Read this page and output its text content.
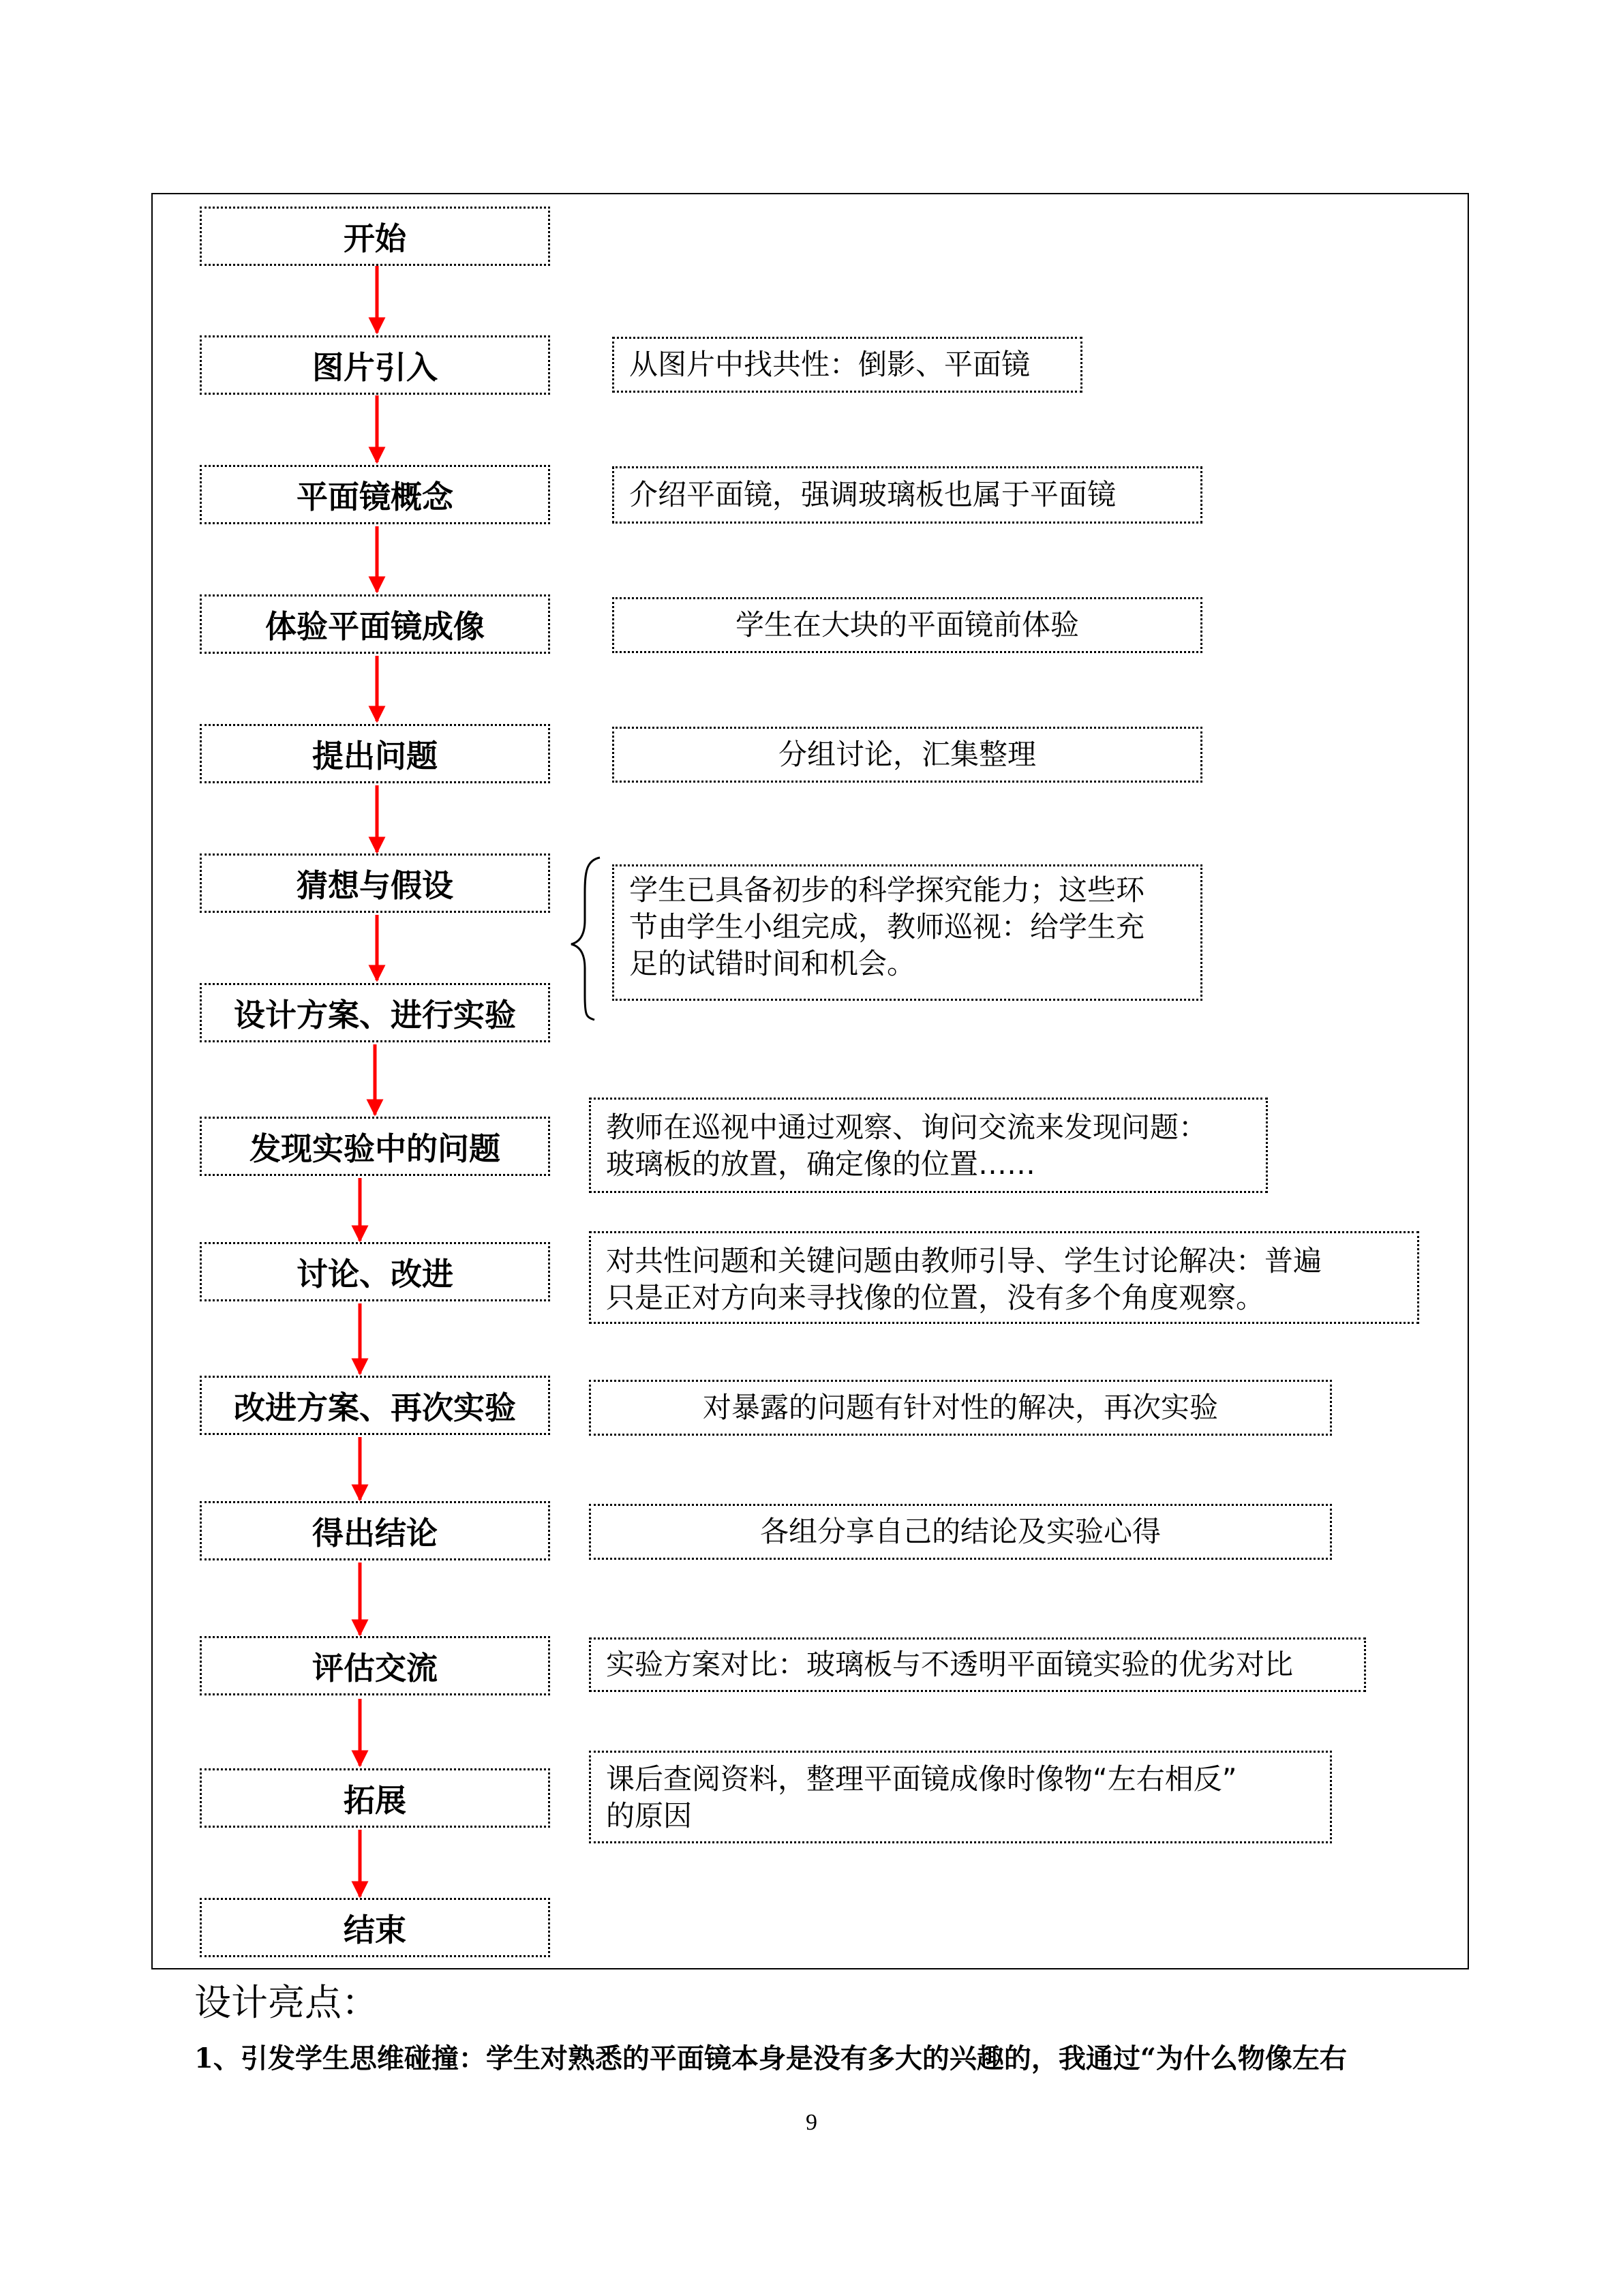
开始
图片引入
平面镜概念
体验平面镜成像
提出问题
猜想与假设
设计方案、进行实验
发现实验中的问题
讨论、改进
改进方案、再次实验
得出结论
评估交流
拓展
结束
从图片中找共性：倒影、平面镜
介绍平面镜，强调玻璃板也属于平面镜
学生在大块的平面镜前体验
分组讨论，汇集整理
学生已具备初步的科学探究能力；这些环
节由学生小组完成，教师巡视：给学生充
足的试错时间和机会。
教师在巡视中通过观察、询问交流来发现问题：
玻璃板的放置，确定像的位置……
对共性问题和关键问题由教师引导、学生讨论解决：普遍
只是正对方向来寻找像的位置，没有多个角度观察。
对暴露的问题有针对性的解决，再次实验
各组分享自己的结论及实验心得
实验方案对比：玻璃板与不透明平面镜实验的优劣对比
课后查阅资料，整理平面镜成像时像物“左右相反”
的原因
设计亮点：
1、引发学生思维碰撞：学生对熟悉的平面镜本身是没有多大的兴趣的，我通过“为什么物像左右
9
